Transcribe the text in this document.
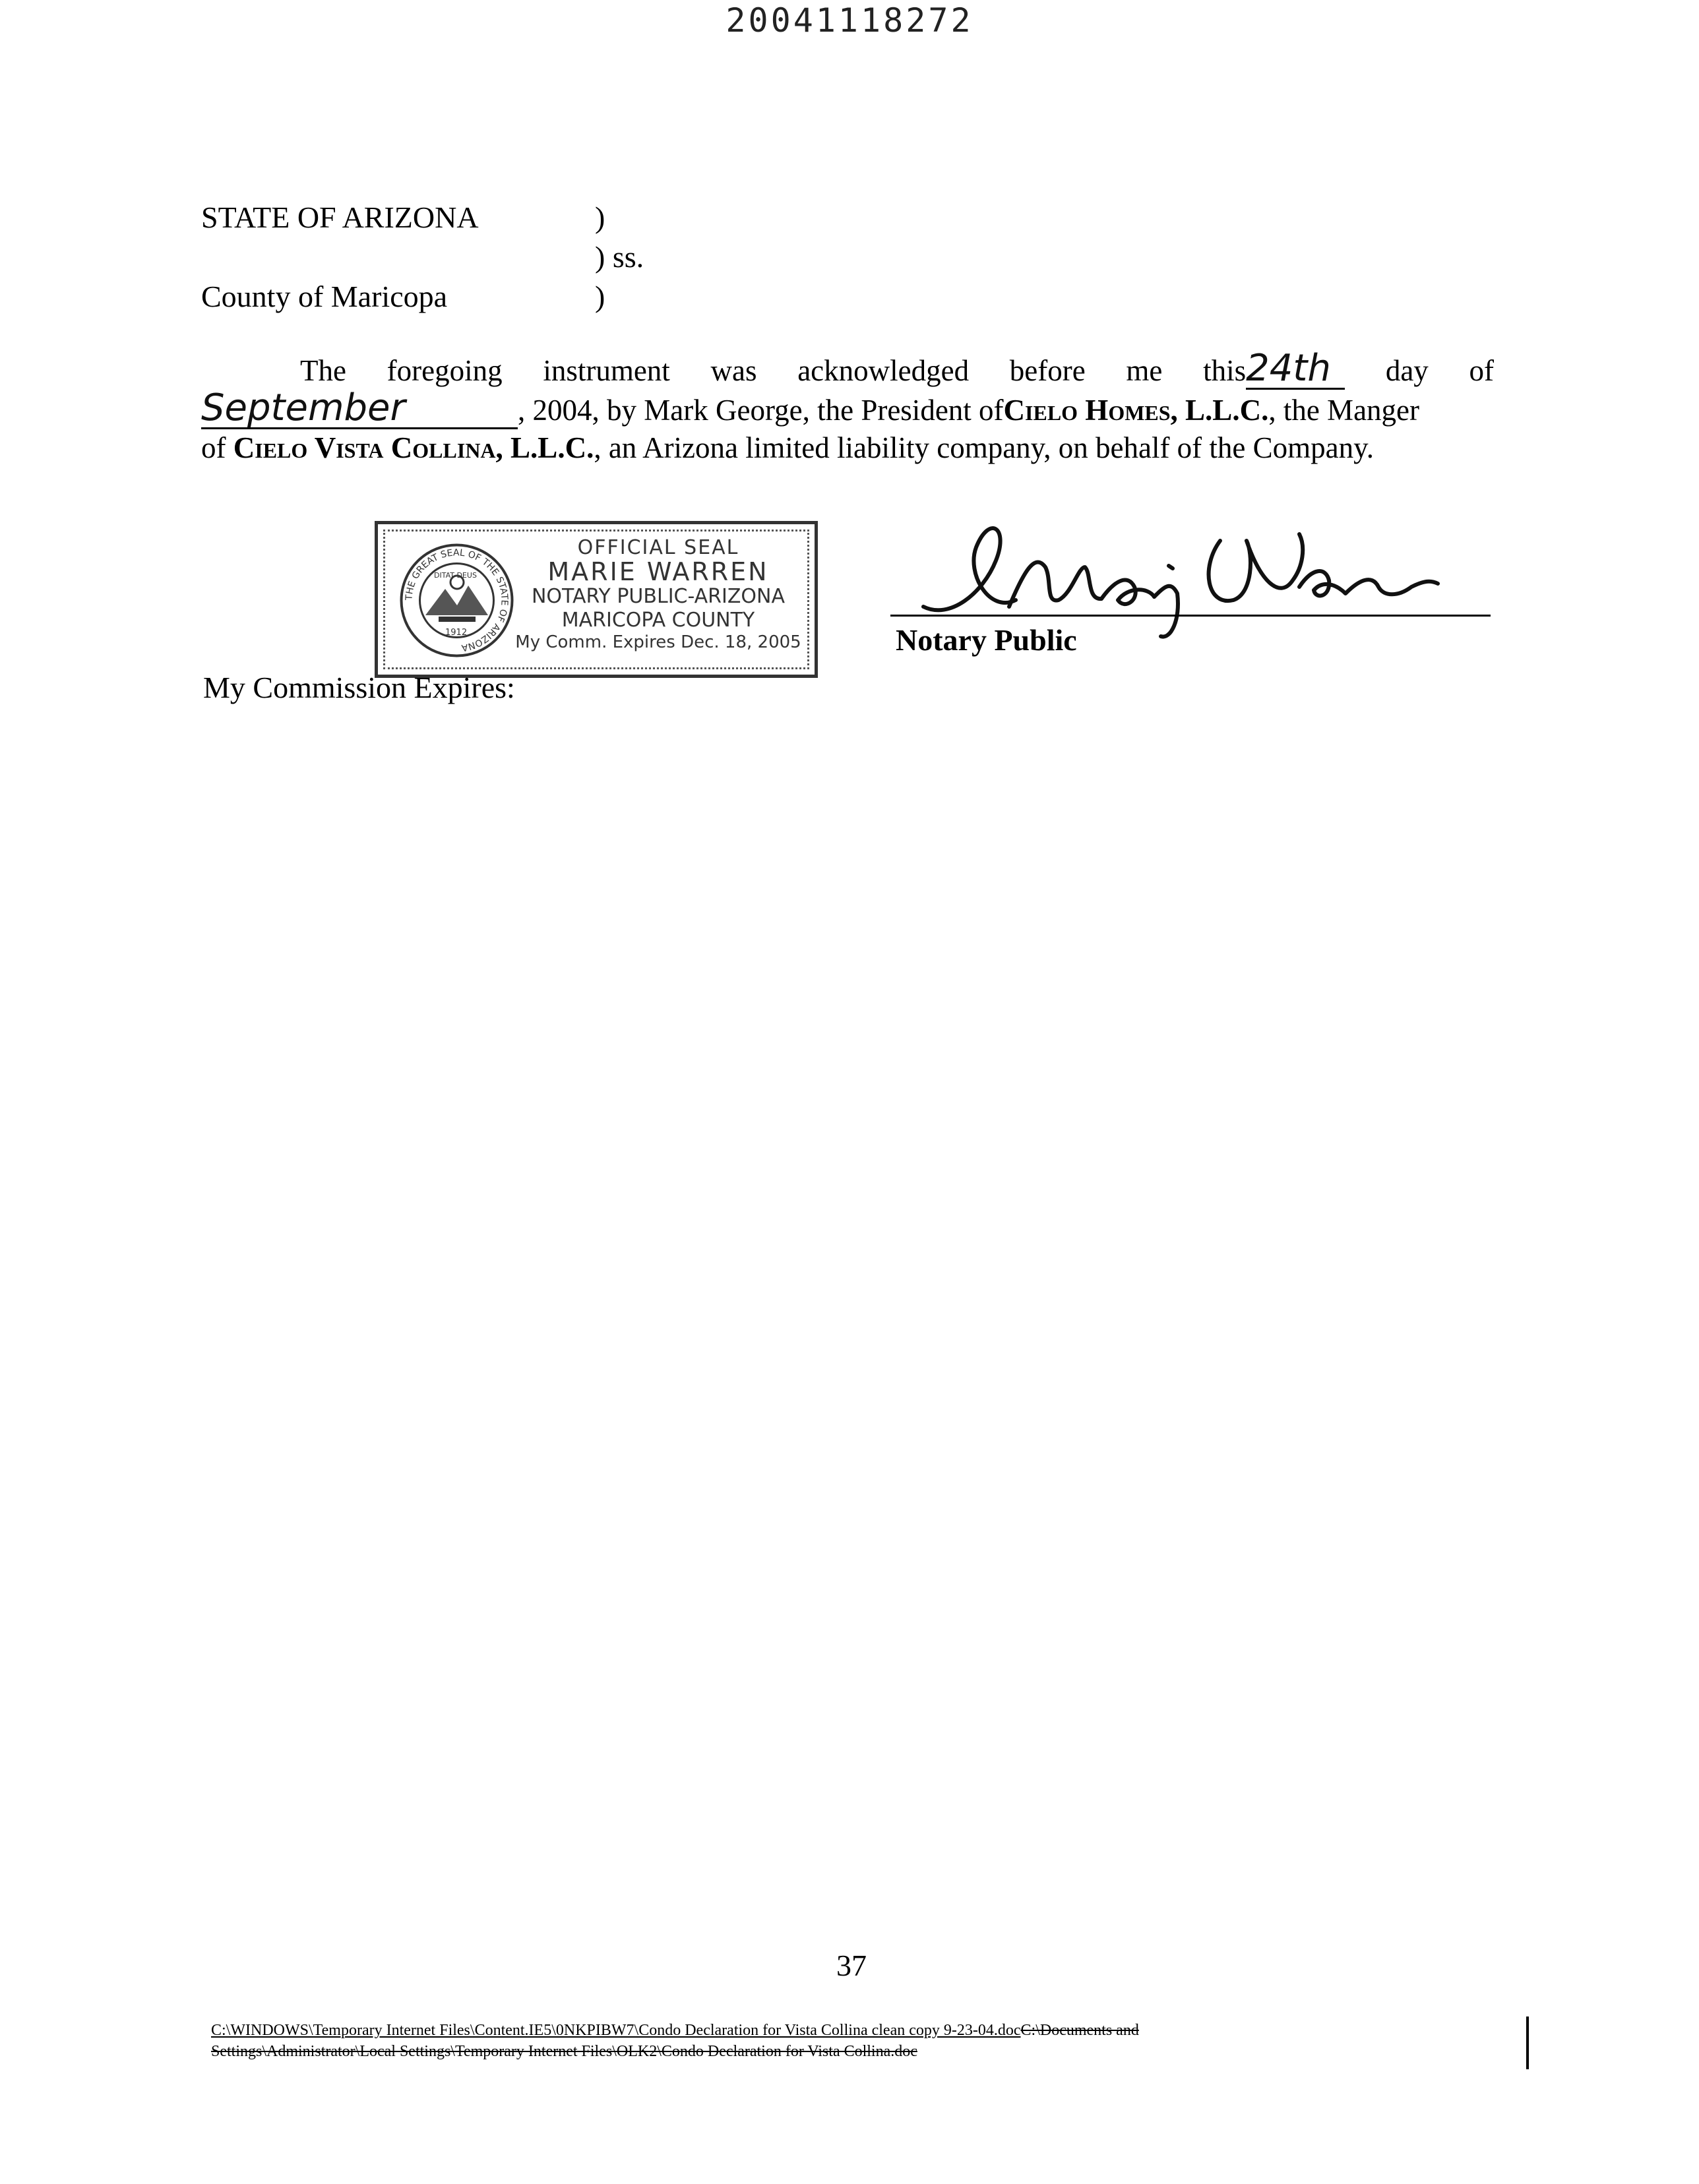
20041118272
STATE OF ARIZONA	)
) ss.
County of Maricopa	)
The foregoing instrument was acknowledged before me this24th day of
September	, 2004, by Mark George, the President ofCielo Homes, L.L.C., the Manger
of Cielo Vista Collina, L.L.C., an Arizona limited liability company, on behalf of the Company.
THE GREAT SEAL OF THE STATE OF ARIZONA
1912
DITAT DEUS
OFFICIAL SEAL
MARIE WARREN
NOTARY PUBLIC-ARIZONA
MARICOPA COUNTY
My Comm. Expires Dec. 18, 2005	Notary Public
My Commission Expires:
37
C:\WINDOWS\Temporary Internet Files\Content.IE5\0NKPIBW7\Condo Declaration for Vista Collina clean copy 9-23-04.docC:\Documents and
Settings\Administrator\Local Settings\Temporary Internet Files\OLK2\Condo Declaration for Vista Collina.doc
